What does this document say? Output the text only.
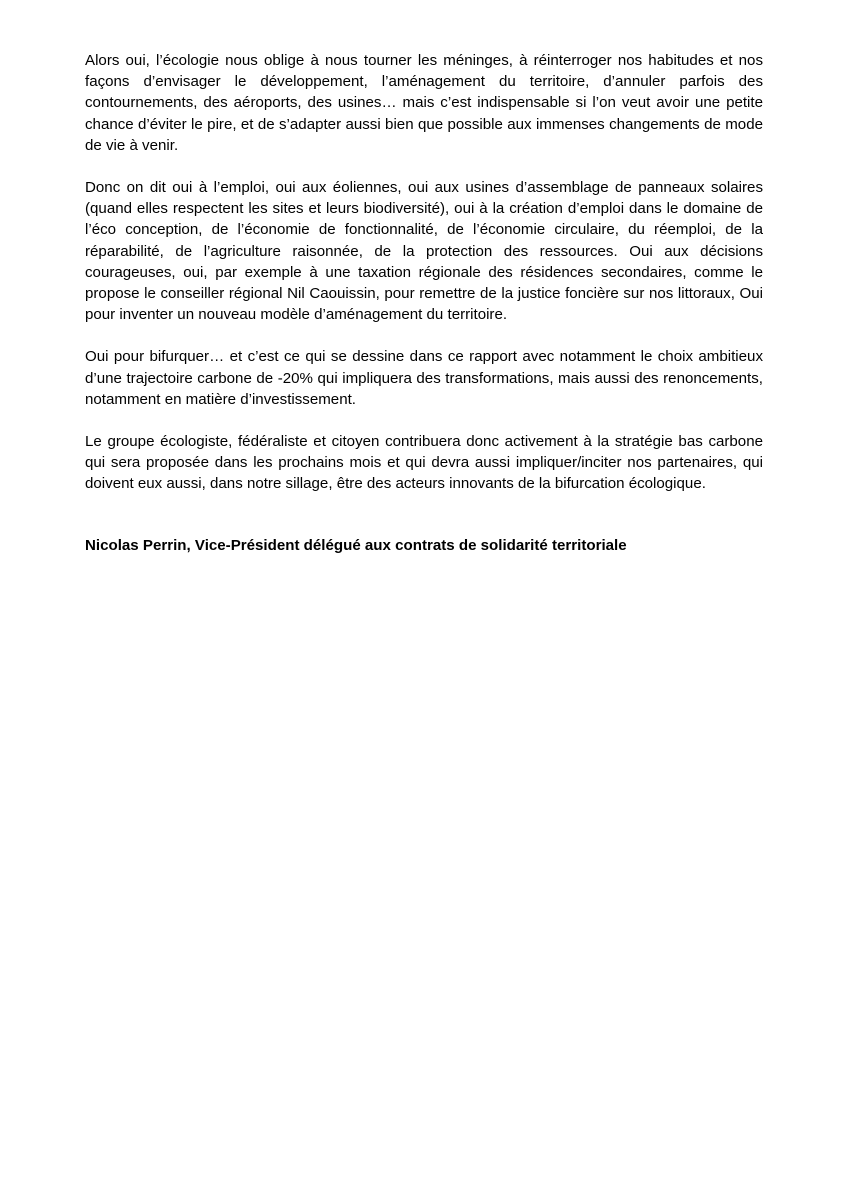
Alors oui, l’écologie nous oblige à nous tourner les méninges, à réinterroger nos habitudes et nos façons d’envisager le développement, l’aménagement du territoire, d’annuler parfois des contournements, des aéroports, des usines… mais c’est indispensable si l’on veut avoir une petite chance d’éviter le pire, et de s’adapter aussi bien que possible aux immenses changements de mode de vie à venir.

Donc on dit oui à l’emploi, oui aux éoliennes, oui aux usines d’assemblage de panneaux solaires (quand elles respectent les sites et leurs biodiversité), oui à la création d’emploi dans le domaine de l’éco conception, de l’économie de fonctionnalité, de l’économie circulaire, du réemploi, de la réparabilité, de l’agriculture raisonnée, de la protection des ressources. Oui aux décisions courageuses, oui, par exemple à une taxation régionale des résidences secondaires, comme le propose le conseiller régional Nil Caouissin, pour remettre de la justice foncière sur nos littoraux, Oui pour inventer un nouveau modèle d’aménagement du territoire.

Oui pour bifurquer… et c’est ce qui se dessine dans ce rapport avec notamment le choix ambitieux d’une trajectoire carbone de -20% qui impliquera des transformations, mais aussi des renoncements, notamment en matière d’investissement.

Le groupe écologiste, fédéraliste et citoyen contribuera donc activement à la stratégie bas carbone qui sera proposée dans les prochains mois et qui devra aussi impliquer/inciter nos partenaires, qui doivent eux aussi, dans notre sillage, être des acteurs innovants de la bifurcation écologique.

Nicolas Perrin, Vice-Président délégué aux contrats de solidarité territoriale
